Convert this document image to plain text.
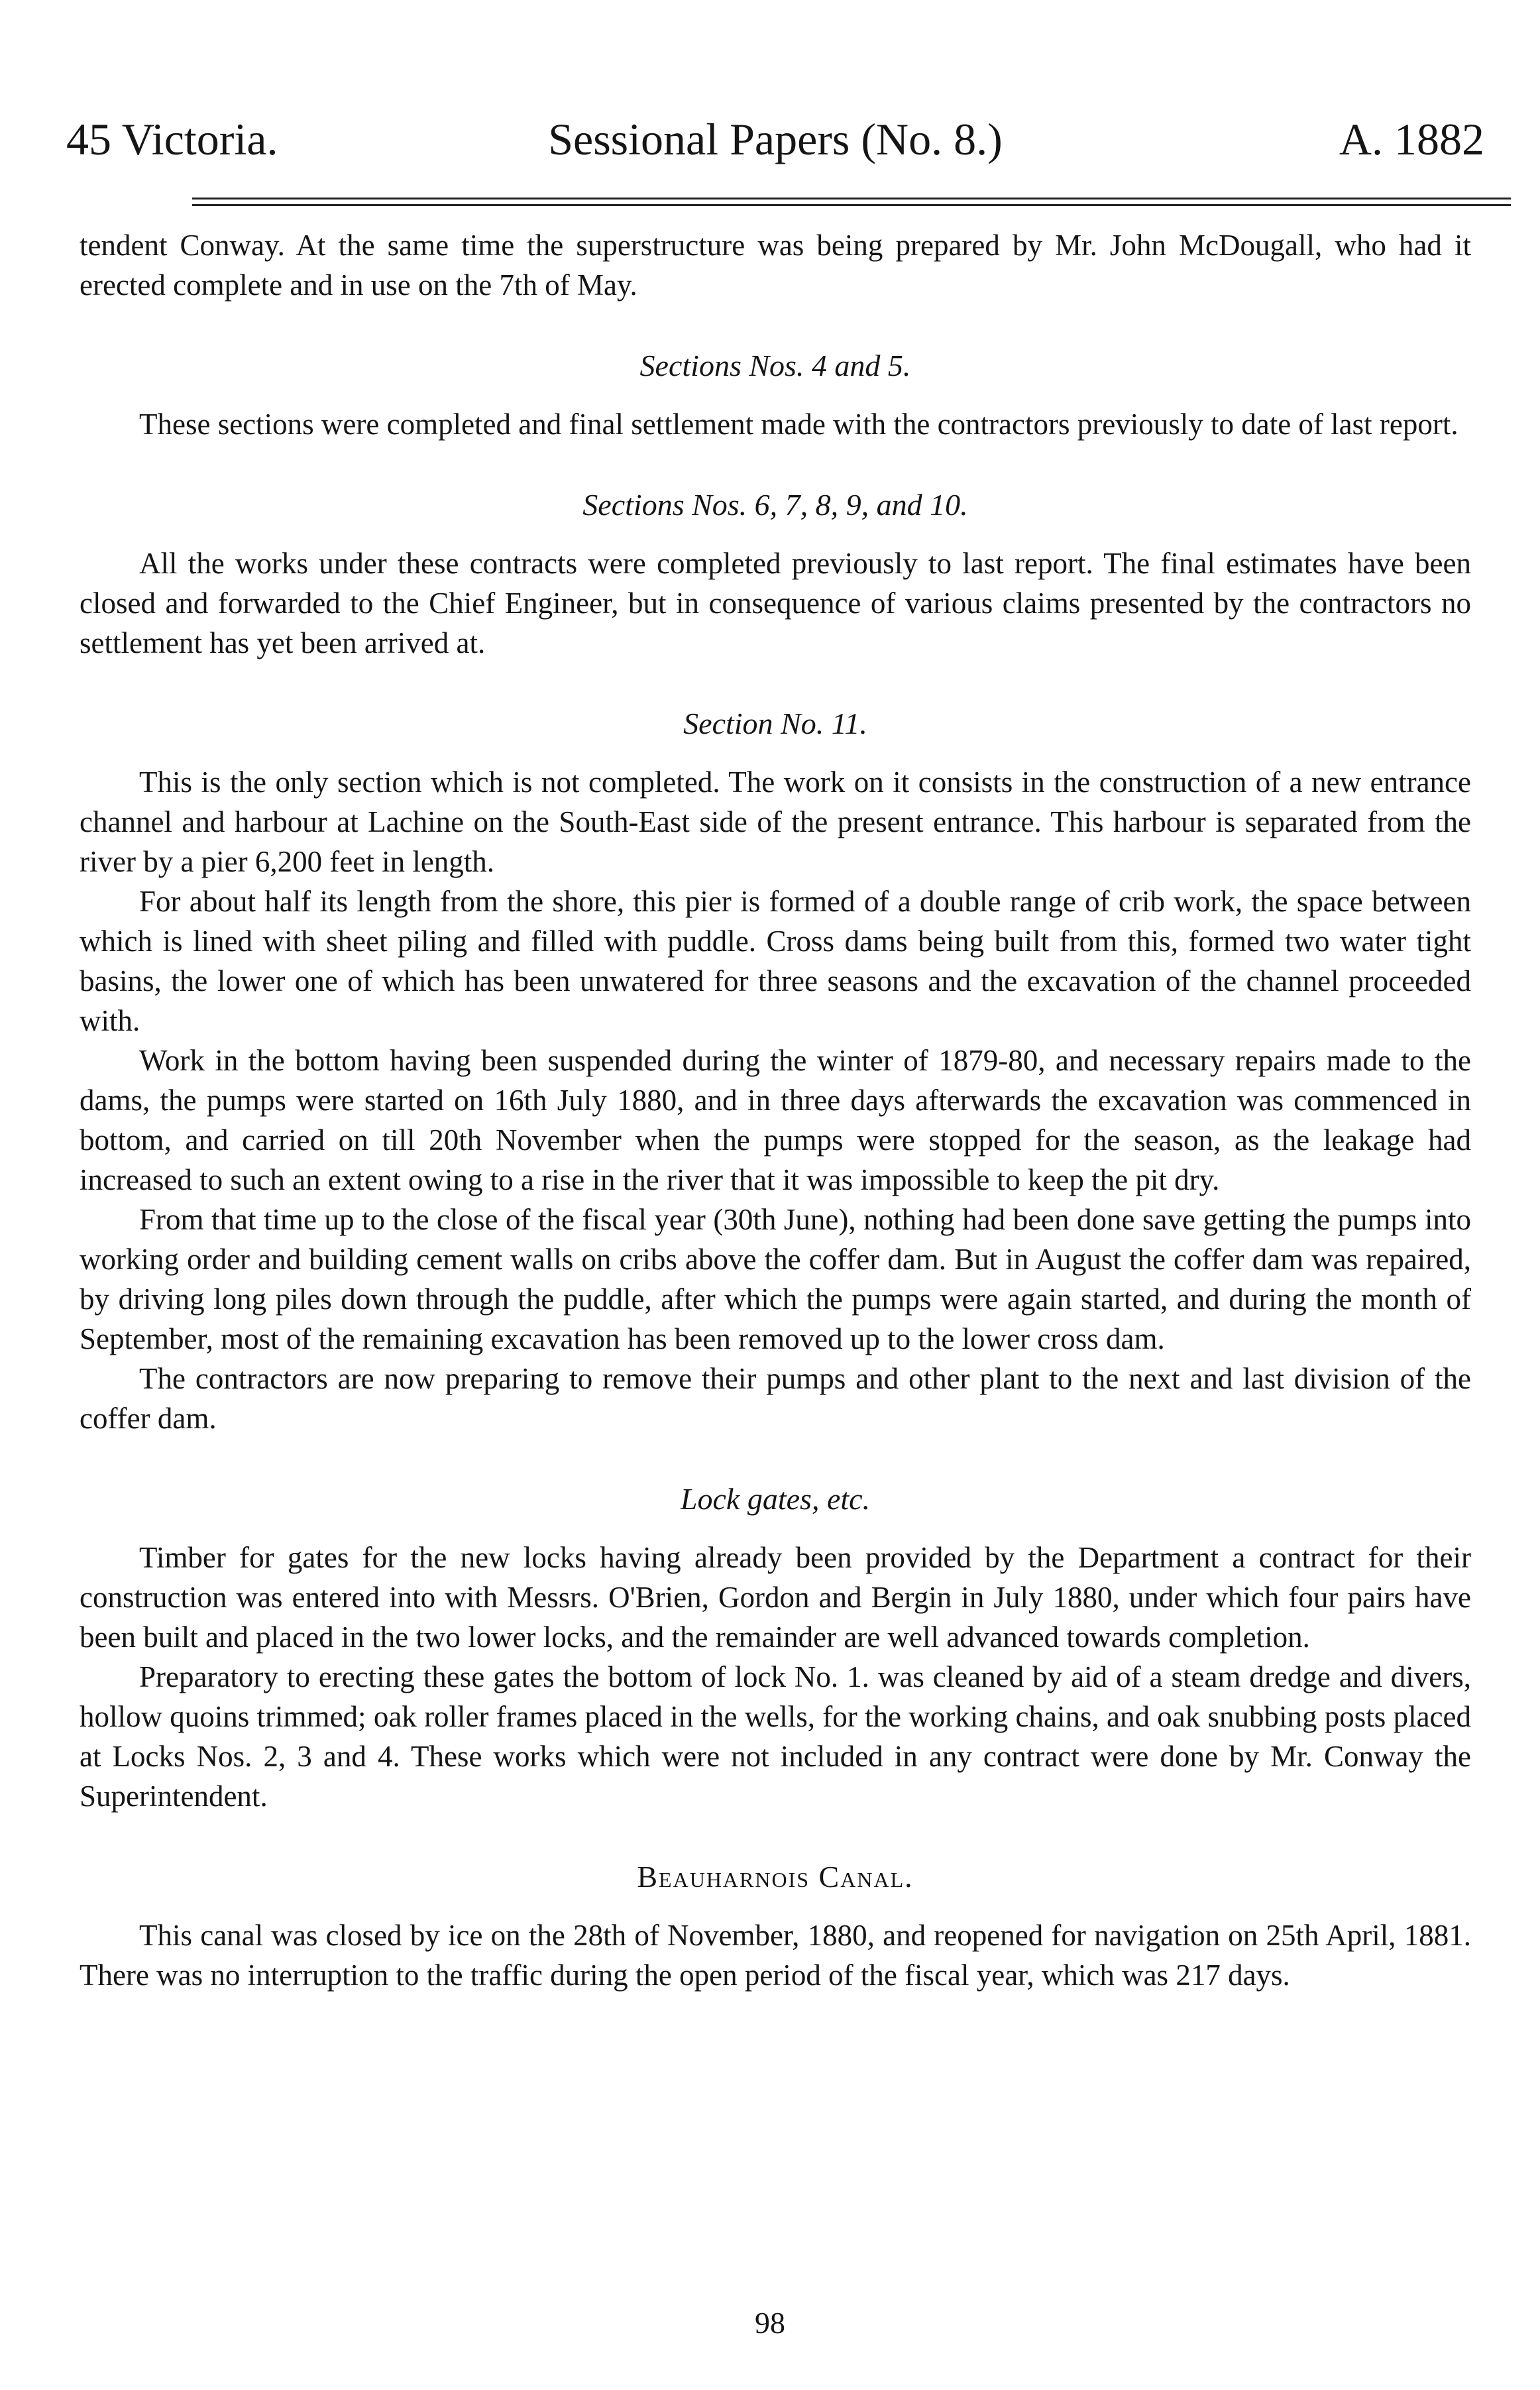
45 Victoria.	Sessional Papers (No. 8.)	A. 1882

tendent Conway. At the same time the superstructure was being prepared by Mr. John McDougall, who had it erected complete and in use on the 7th of May.

Sections Nos. 4 and 5.

These sections were completed and final settlement made with the contractors previously to date of last report.

Sections Nos. 6, 7, 8, 9, and 10.

All the works under these contracts were completed previously to last report. The final estimates have been closed and forwarded to the Chief Engineer, but in consequence of various claims presented by the contractors no settlement has yet been arrived at.

Section No. 11.

This is the only section which is not completed. The work on it consists in the construction of a new entrance channel and harbour at Lachine on the South-East side of the present entrance. This harbour is separated from the river by a pier 6,200 feet in length.

For about half its length from the shore, this pier is formed of a double range of crib work, the space between which is lined with sheet piling and filled with puddle. Cross dams being built from this, formed two water tight basins, the lower one of which has been unwatered for three seasons and the excavation of the channel proceeded with.

Work in the bottom having been suspended during the winter of 1879-80, and necessary repairs made to the dams, the pumps were started on 16th July 1880, and in three days afterwards the excavation was commenced in bottom, and carried on till 20th November when the pumps were stopped for the season, as the leakage had increased to such an extent owing to a rise in the river that it was impossible to keep the pit dry.

From that time up to the close of the fiscal year (30th June), nothing had been done save getting the pumps into working order and building cement walls on cribs above the coffer dam. But in August the coffer dam was repaired, by driving long piles down through the puddle, after which the pumps were again started, and during the month of September, most of the remaining excavation has been removed up to the lower cross dam.

The contractors are now preparing to remove their pumps and other plant to the next and last division of the coffer dam.

Lock gates, etc.

Timber for gates for the new locks having already been provided by the Department a contract for their construction was entered into with Messrs. O'Brien, Gordon and Bergin in July 1880, under which four pairs have been built and placed in the two lower locks, and the remainder are well advanced towards completion.

Preparatory to erecting these gates the bottom of lock No. 1. was cleaned by aid of a steam dredge and divers, hollow quoins trimmed; oak roller frames placed in the wells, for the working chains, and oak snubbing posts placed at Locks Nos. 2, 3 and 4. These works which were not included in any contract were done by Mr. Conway the Superintendent.

Beauharnois Canal.

This canal was closed by ice on the 28th of November, 1880, and reopened for navigation on 25th April, 1881. There was no interruption to the traffic during the open period of the fiscal year, which was 217 days.

98
